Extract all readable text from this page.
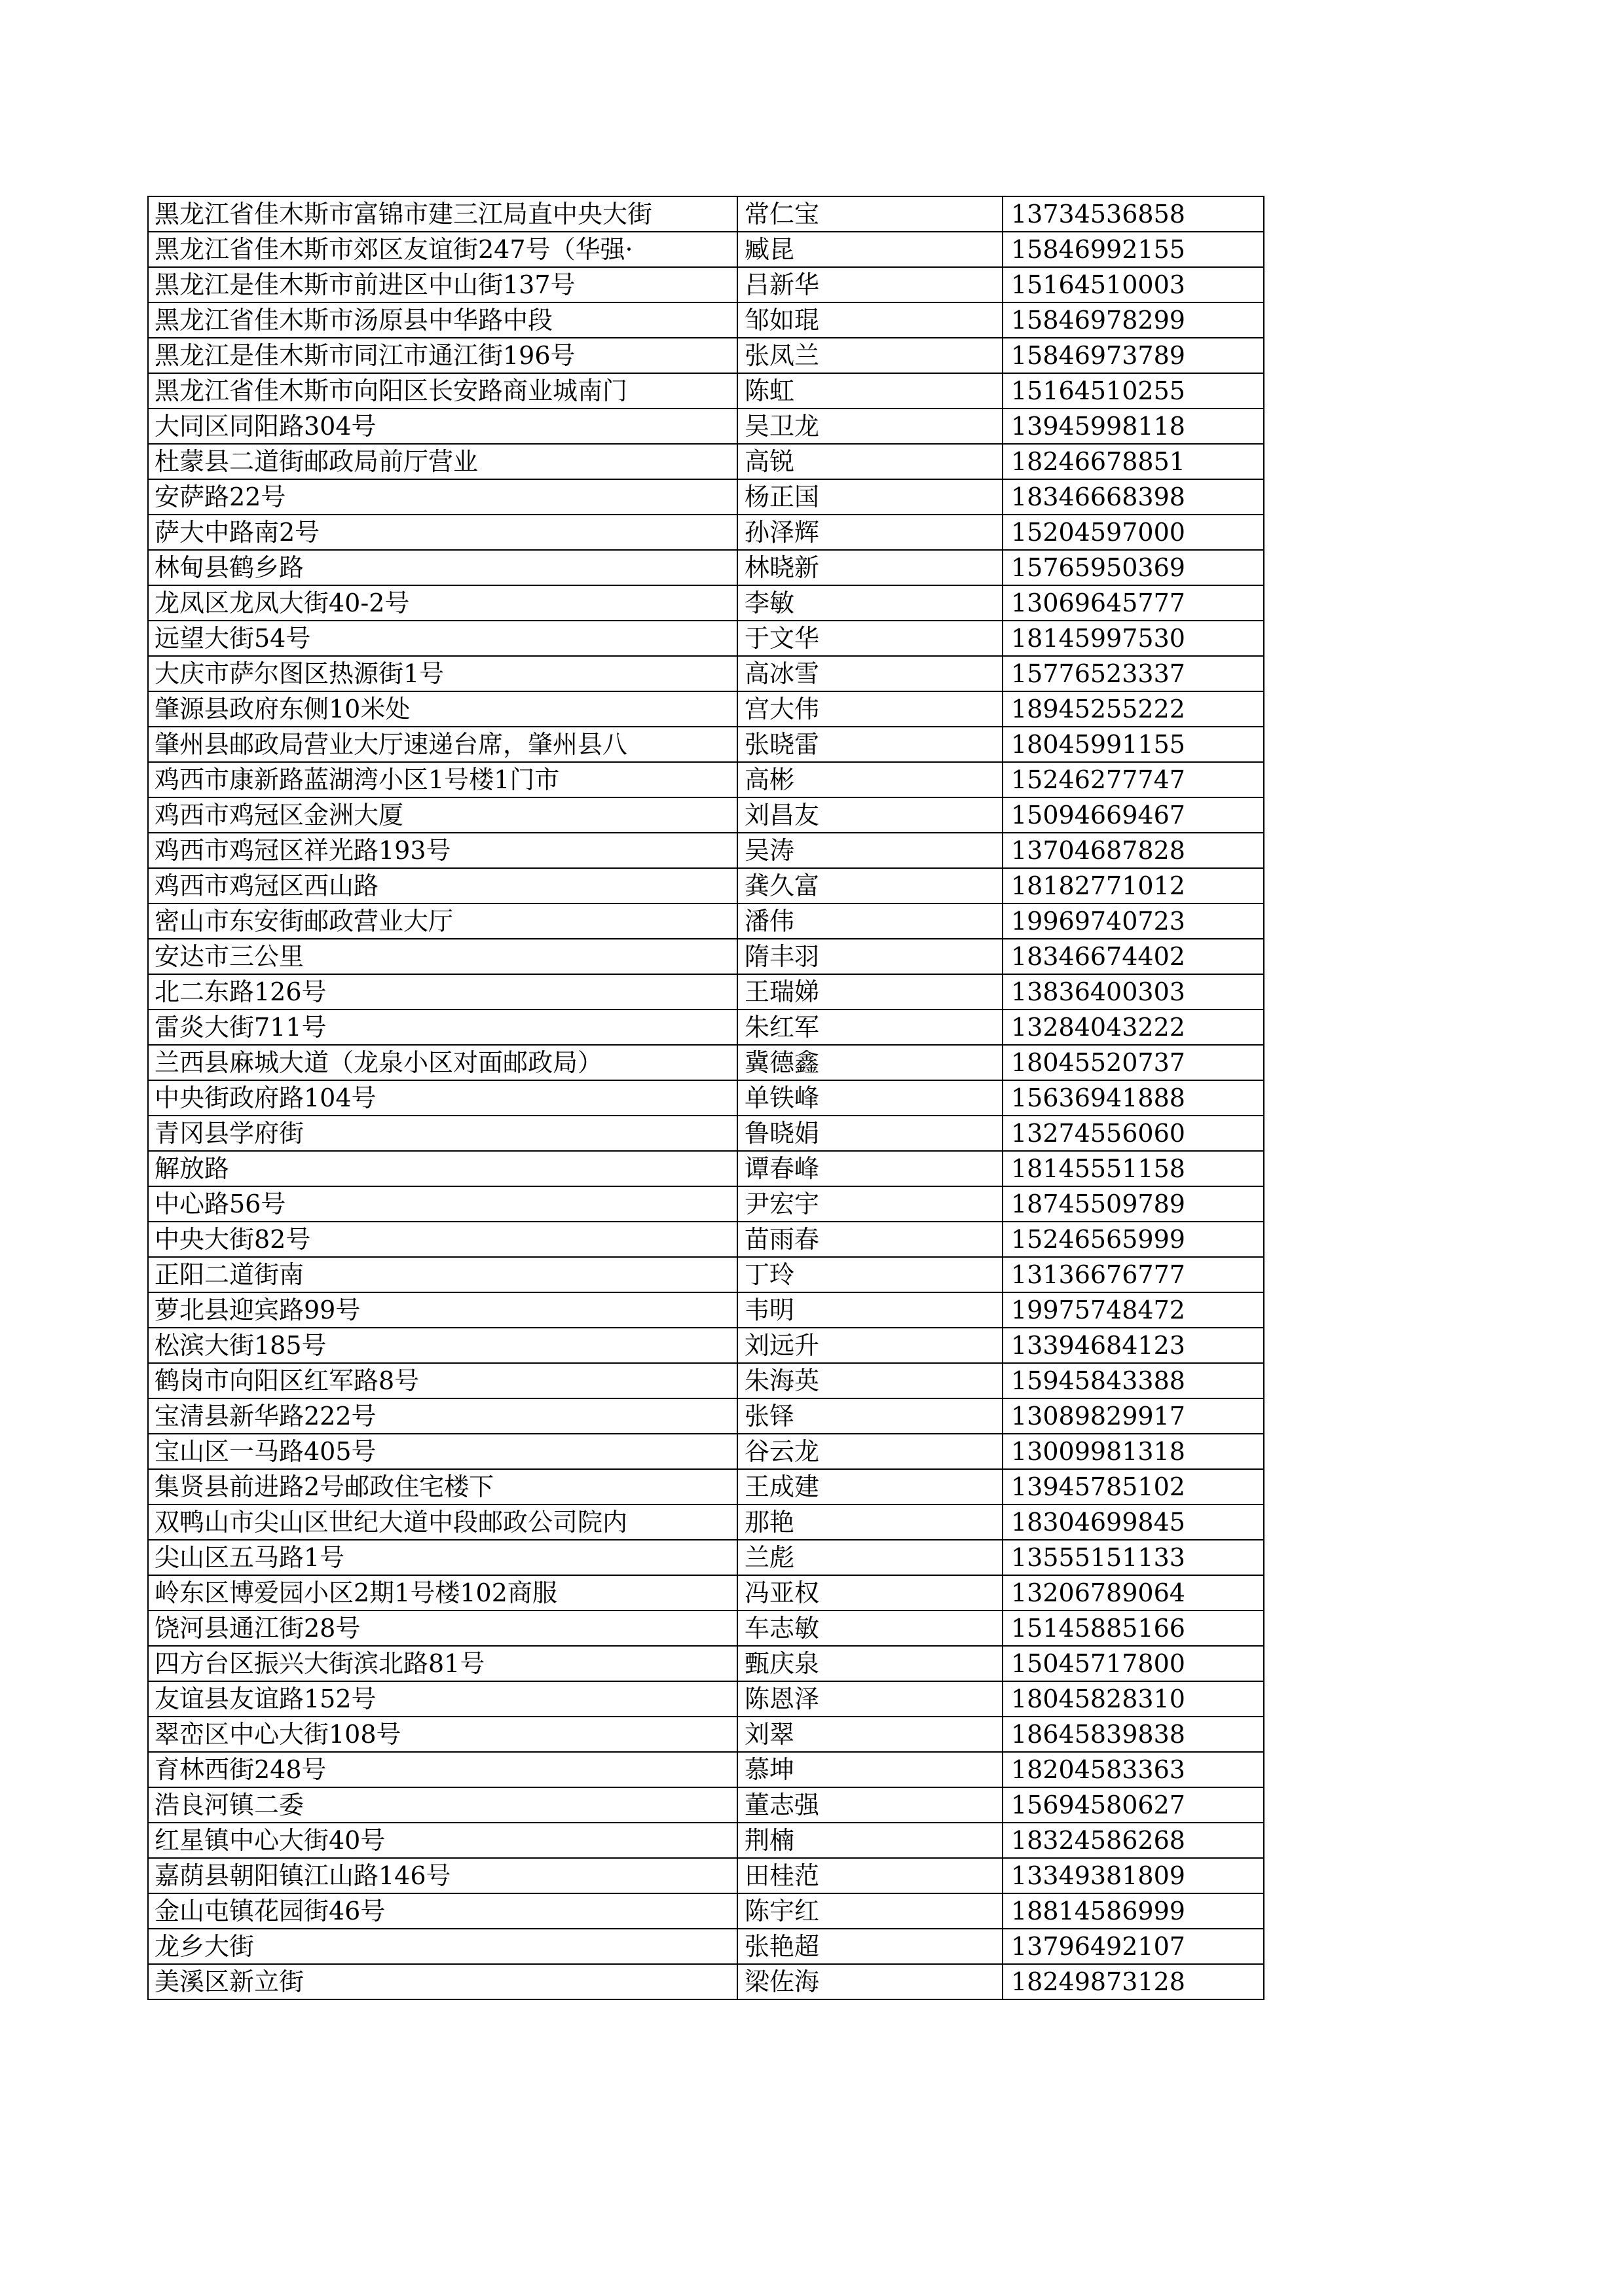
黑龙江省佳木斯市富锦市建三江局直中央大街	常仁宝	13734536858
黑龙江省佳木斯市郊区友谊街247号（华强·	臧昆	15846992155
黑龙江是佳木斯市前进区中山街137号	吕新华	15164510003
黑龙江省佳木斯市汤原县中华路中段	邹如琨	15846978299
黑龙江是佳木斯市同江市通江街196号	张凤兰	15846973789
黑龙江省佳木斯市向阳区长安路商业城南门	陈虹	15164510255
大同区同阳路304号	吴卫龙	13945998118
杜蒙县二道街邮政局前厅营业	高锐	18246678851
安萨路22号	杨正国	18346668398
萨大中路南2号	孙泽辉	15204597000
林甸县鹤乡路	林晓新	15765950369
龙凤区龙凤大街40-2号	李敏	13069645777
远望大街54号	于文华	18145997530
大庆市萨尔图区热源街1号	高冰雪	15776523337
肇源县政府东侧10米处	宫大伟	18945255222
肇州县邮政局营业大厅速递台席，肇州县八	张晓雷	18045991155
鸡西市康新路蓝湖湾小区1号楼1门市	高彬	15246277747
鸡西市鸡冠区金洲大厦	刘昌友	15094669467
鸡西市鸡冠区祥光路193号	吴涛	13704687828
鸡西市鸡冠区西山路	龚久富	18182771012
密山市东安街邮政营业大厅	潘伟	19969740723
安达市三公里	隋丰羽	18346674402
北二东路126号	王瑞娣	13836400303
雷炎大街711号	朱红军	13284043222
兰西县麻城大道（龙泉小区对面邮政局）	冀德鑫	18045520737
中央街政府路104号	单铁峰	15636941888
青冈县学府街	鲁晓娟	13274556060
解放路	谭春峰	18145551158
中心路56号	尹宏宇	18745509789
中央大街82号	苗雨春	15246565999
正阳二道街南	丁玲	13136676777
萝北县迎宾路99号	韦明	19975748472
松滨大街185号	刘远升	13394684123
鹤岗市向阳区红军路8号	朱海英	15945843388
宝清县新华路222号	张铎	13089829917
宝山区一马路405号	谷云龙	13009981318
集贤县前进路2号邮政住宅楼下	王成建	13945785102
双鸭山市尖山区世纪大道中段邮政公司院内	那艳	18304699845
尖山区五马路1号	兰彪	13555151133
岭东区博爱园小区2期1号楼102商服	冯亚权	13206789064
饶河县通江街28号	车志敏	15145885166
四方台区振兴大街滨北路81号	甄庆泉	15045717800
友谊县友谊路152号	陈恩泽	18045828310
翠峦区中心大街108号	刘翠	18645839838
育林西街248号	慕坤	18204583363
浩良河镇二委	董志强	15694580627
红星镇中心大街40号	荆楠	18324586268
嘉荫县朝阳镇江山路146号	田桂范	13349381809
金山屯镇花园街46号	陈宇红	18814586999
龙乡大街	张艳超	13796492107
美溪区新立街	梁佐海	18249873128
